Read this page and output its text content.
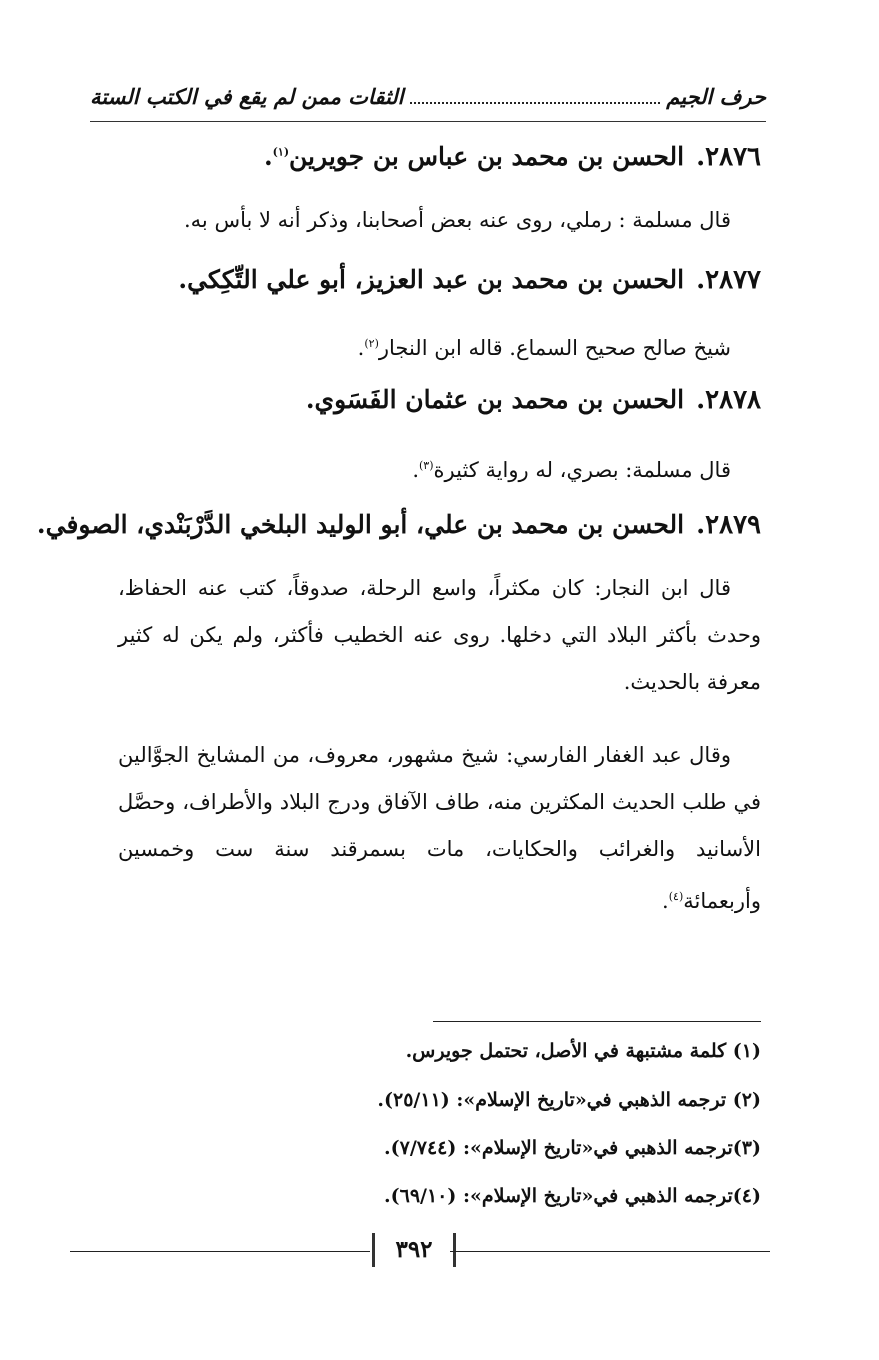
حرف الجيم
الثقات ممن لم يقع في الكتب الستة
٢٨٧٦.الحسن بن محمد بن عباس بن جويرين$^{(١)}$.
قال مسلمة : رملي، روى عنه بعض أصحابنا، وذكر أنه لا بأس به.
٢٨٧٧.الحسن بن محمد بن عبد العزيز، أبو علي التِّكِكي.
شيخ صالح صحيح السماع. قاله ابن النجار$^{(٢)}$.
٢٨٧٨.الحسن بن محمد بن عثمان الفَسَوي.
قال مسلمة: بصري، له رواية كثيرة$^{(٣)}$.
٢٨٧٩.الحسن بن محمد بن علي، أبو الوليد البلخي الدَّرْبَنْدي، الصوفي.
قال ابن النجار: كان مكثراً، واسع الرحلة، صدوقاً، كتب عنه الحفاظ، وحدث بأكثر البلاد التي دخلها. روى عنه الخطيب فأكثر، ولم يكن له كثير معرفة بالحديث.
وقال عبد الغفار الفارسي: شيخ مشهور، معروف، من المشايخ الجوَّالين في طلب الحديث المكثرين منه، طاف الآفاق ودرج البلاد والأطراف، وحصَّل الأسانيد والغرائب والحكايات، مات بسمرقند سنة ست وخمسين وأربعمائة$^{(٤)}$.
(١) كلمة مشتبهة في الأصل، تحتمل جويرس.
(٢) ترجمه الذهبي في«تاريخ الإسلام»: (٢٥/١١).
(٣)ترجمه الذهبي في«تاريخ الإسلام»: (٧/٧٤٤).
(٤)ترجمه الذهبي في«تاريخ الإسلام»: (٦٩/١٠).
٣٩٢
